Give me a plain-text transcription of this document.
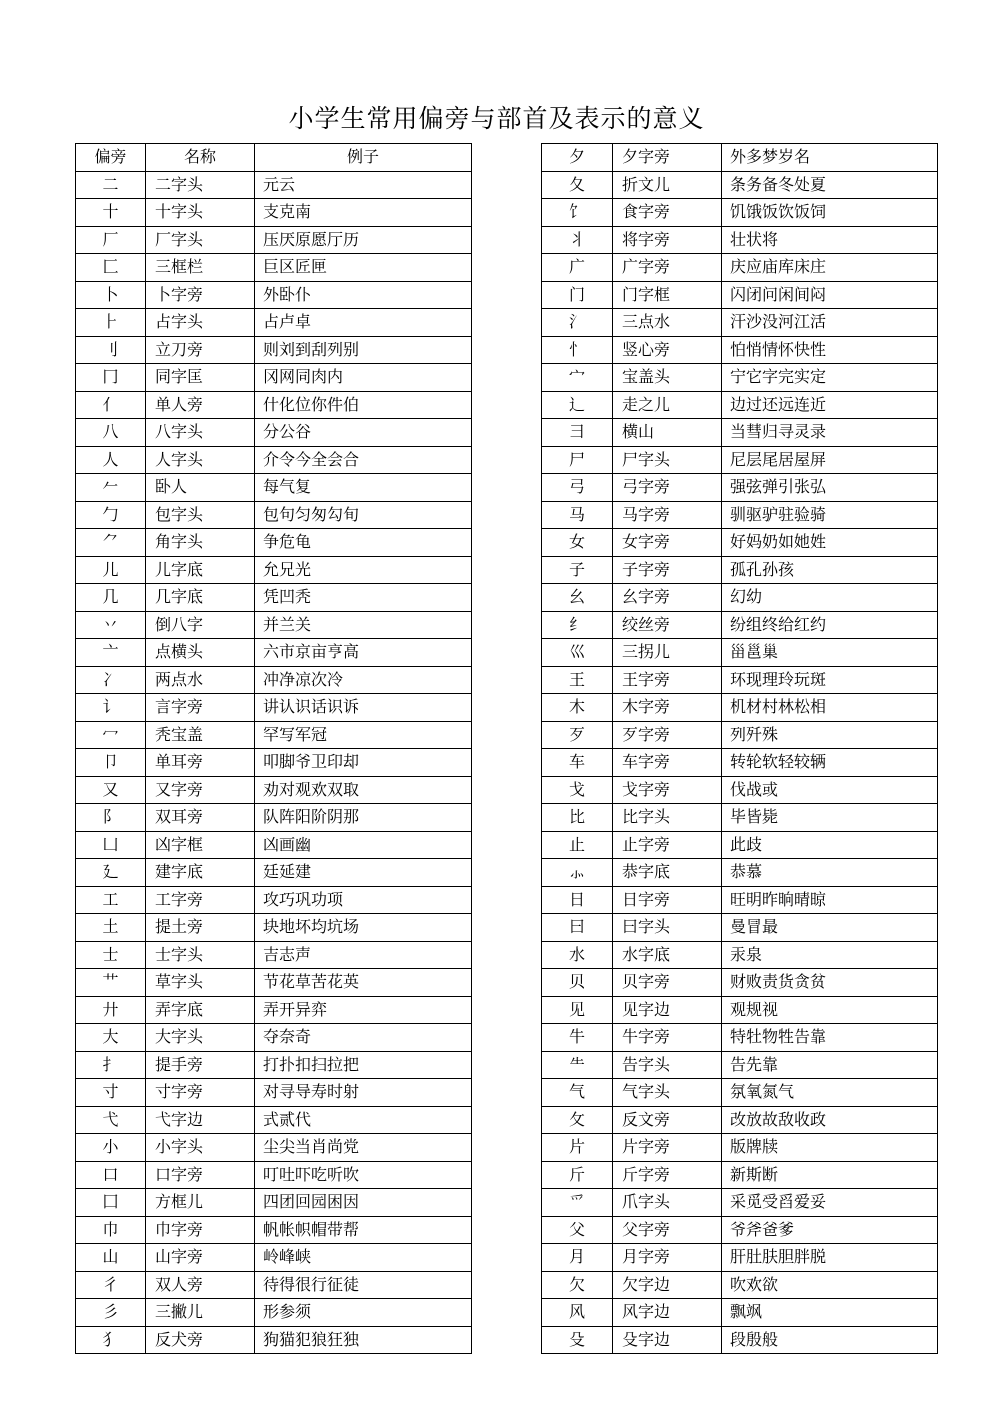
小学生常用偏旁与部首及表示的意义
偏旁	名称	例子
二	二字头	元云
十	十字头	支克南
厂	厂字头	压厌原愿厅历
匚	三框栏	巨区匠匣
卜	卜字旁	外卧仆
⺊	占字头	占卢卓
刂	立刀旁	则刘到刮列别
冂	同字匡	冈网同肉内
亻	单人旁	什化位你件伯
八	八字头	分公谷
人	人字头	介令今全会合
𠂉	卧人	每气复
勹	包字头	包句匀匆勾旬
⺈	角字头	争危龟
儿	儿字底	允兄光
几	几字底	凭凹秃
丷	倒八字	并兰关
亠	点横头	六市京亩亨高
冫	两点水	冲净凉次冷
讠	言字旁	讲认识话识诉
冖	秃宝盖	罕写军冠
卩	单耳旁	叩脚爷卫印却
又	又字旁	劝对观欢双取
阝	双耳旁	队阵阳阶阴那
凵	凶字框	凶画幽
廴	建字底	廷延建
工	工字旁	攻巧巩功项
土	提土旁	块地坏均坑场
士	士字头	吉志声
艹	草字头	节花草苦花英
廾	弄字底	弄开异弈
大	大字头	夺奈奇
扌	提手旁	打扑扣扫拉把
寸	寸字旁	对寻导寿时射
弋	弋字边	式贰代
小	小字头	尘尖当肖尚党
口	口字旁	叮吐吓吃听吹
囗	方框儿	四团回园困因
巾	巾字旁	帆帐帜帽带帮
山	山字旁	岭峰峡
彳	双人旁	待得很行征徒
彡	三撇儿	形参须
犭	反犬旁	狗猫犯狼狂独
夕	夕字旁	外多梦岁名
夂	折文儿	条务备冬处夏
饣	食字旁	饥饿饭饮饭饲
丬	将字旁	壮状将
广	广字旁	庆应庙库床庄
门	门字框	闪闭问闲间闷
氵	三点水	汗沙没河江活
忄	竖心旁	怕悄情怀快性
宀	宝盖头	宁它字完实定
辶	走之儿	边过还远连近
彐	横山	当彗归寻灵录
尸	尸字头	尼层尾居屋屏
弓	弓字旁	强弦弹引张弘
马	马字旁	驯驱驴驻验骑
女	女字旁	好妈奶如她姓
子	子字旁	孤孔孙孩
幺	幺字旁	幻幼
纟	绞丝旁	纷组终给红约
巛	三拐儿	甾邕巢
王	王字旁	环现理玲玩斑
木	木字旁	机材村林松相
歹	歹字旁	列歼殊
车	车字旁	转轮软轻较辆
戈	戈字旁	伐战或
比	比字头	毕皆毙
止	止字旁	此歧
⺗	恭字底	恭慕
日	日字旁	旺明昨晌晴晾
曰	曰字头	曼冒最
水	水字底	汞泉
贝	贝字旁	财败责货贪贫
见	见字边	观规视
牛	牛字旁	特牡物牲告靠
⺧	告字头	告先靠
气	气字头	氛氧氮气
攵	反文旁	改放故敌收政
片	片字旁	版牌牍
斤	斤字旁	新斯断
爫	爪字头	采觅受舀爱妥
父	父字旁	爷斧爸爹
月	月字旁	肝肚肤胆胖脱
欠	欠字边	吹欢欲
风	风字边	飘飒
殳	殳字边	段殷般
